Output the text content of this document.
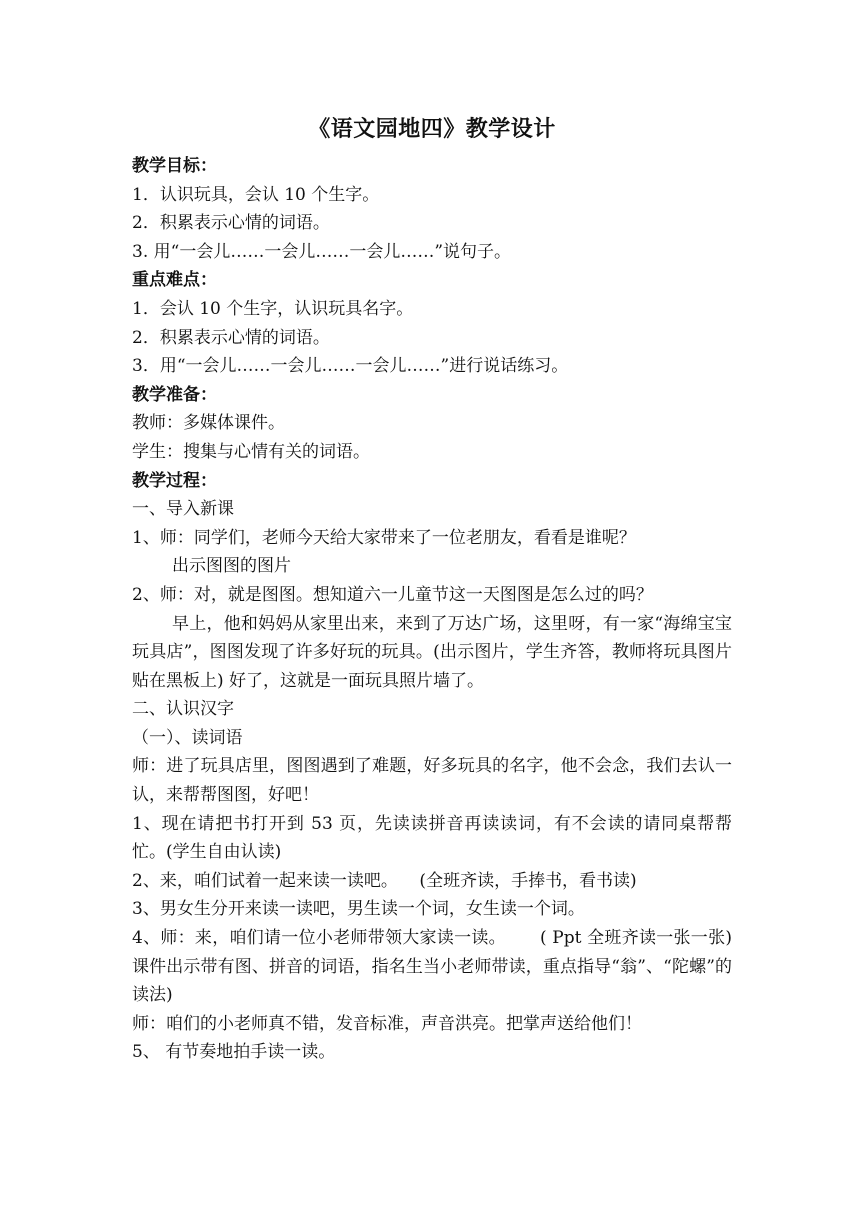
《语文园地四》教学设计

教学目标：

1．认识玩具，会认 10 个生字。

2．积累表示心情的词语。

3. 用“一会儿……一会儿……一会儿……”说句子。

重点难点：

1．会认 10 个生字，认识玩具名字。

2．积累表示心情的词语。

3．用“一会儿……一会儿……一会儿……”进行说话练习。

教学准备：

教师：多媒体课件。

学生：搜集与心情有关的词语。

教学过程：

一、导入新课

1、师：同学们，老师今天给大家带来了一位老朋友，看看是谁呢？

出示图图的图片

2、师：对，就是图图。想知道六一儿童节这一天图图是怎么过的吗？

早上，他和妈妈从家里出来，来到了万达广场，这里呀，有一家“海绵宝宝玩具店”，图图发现了许多好玩的玩具。(出示图片，学生齐答，教师将玩具图片贴在黑板上) 好了，这就是一面玩具照片墙了。

二、认识汉字

（一）、读词语

师：进了玩具店里，图图遇到了难题，好多玩具的名字，他不会念，我们去认一认，来帮帮图图，好吧！

1、现在请把书打开到 53 页，先读读拼音再读读词，有不会读的请同桌帮帮忙。(学生自由认读)

2、来，咱们试着一起来读一读吧。    (全班齐读，手捧书，看书读)

3、男女生分开来读一读吧，男生读一个词，女生读一个词。

4、师：来，咱们请一位小老师带领大家读一读。      ( Ppt 全班齐读一张一张) 课件出示带有图、拼音的词语，指名生当小老师带读，重点指导“翁”、“陀螺”的读法)

师：咱们的小老师真不错，发音标准，声音洪亮。把掌声送给他们！

5、 有节奏地拍手读一读。
